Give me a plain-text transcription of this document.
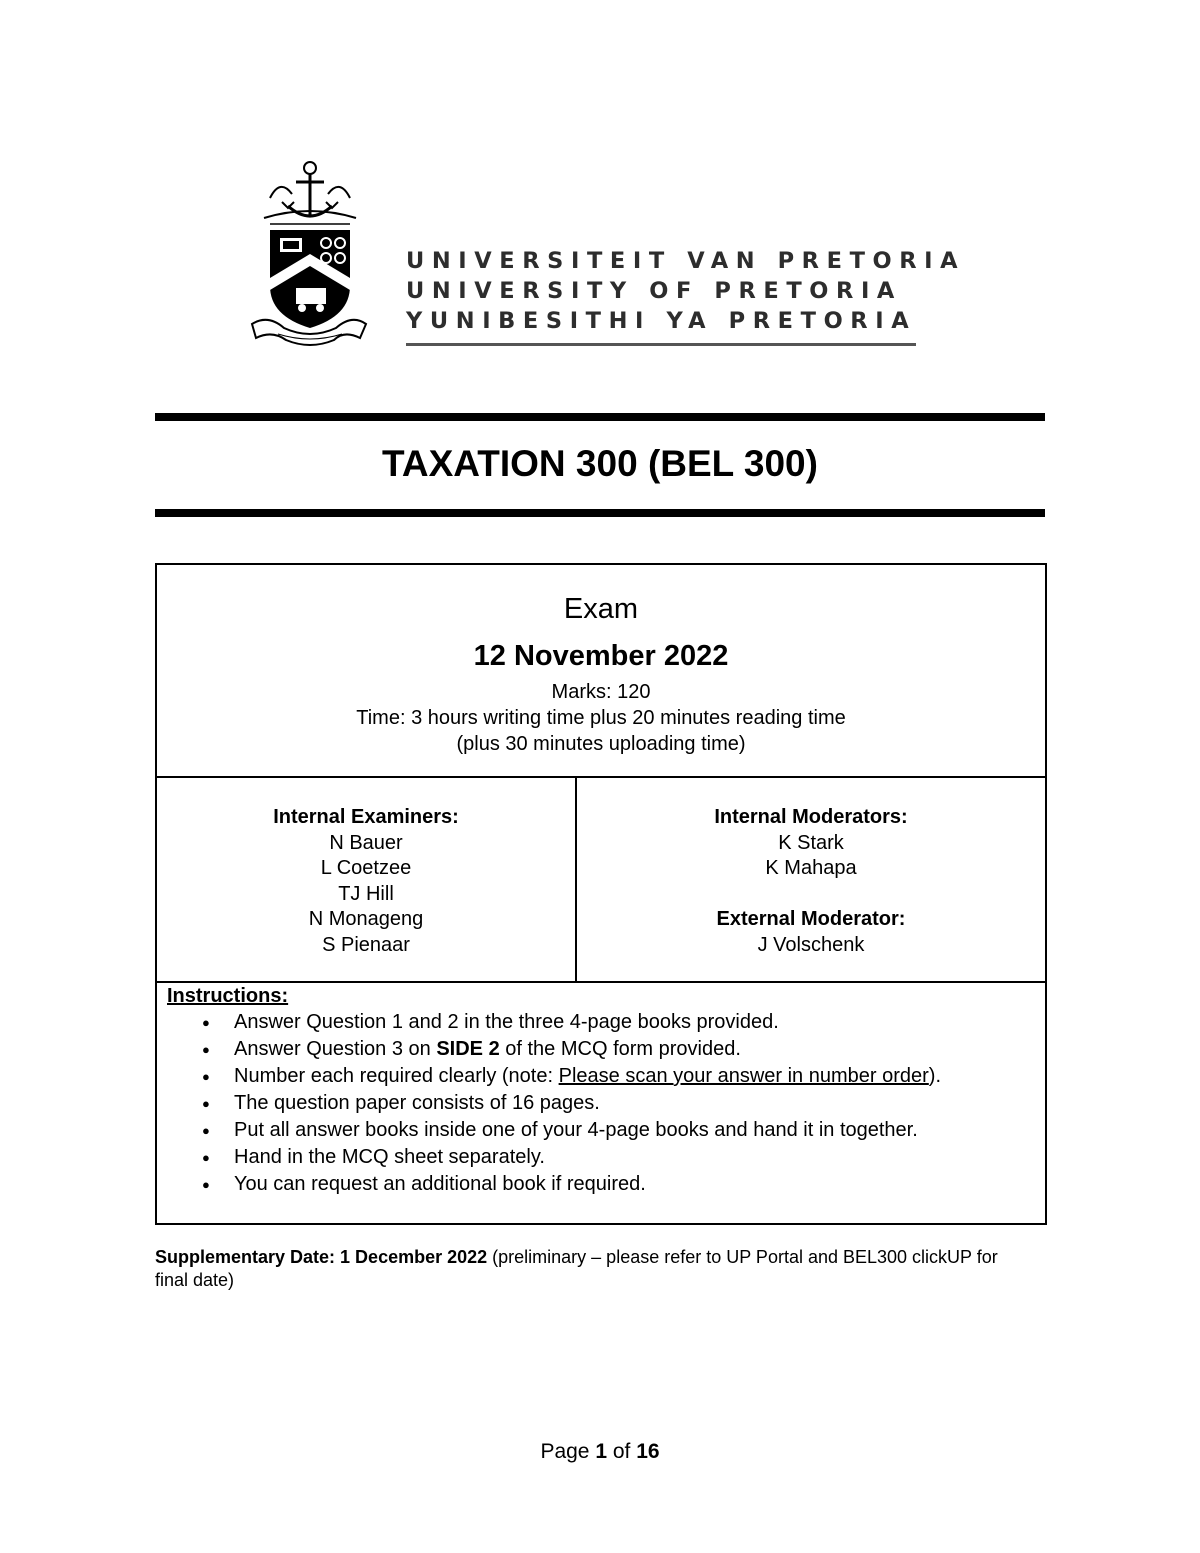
UNIVERSITEIT VAN PRETORIA
UNIVERSITY OF PRETORIA
YUNIBESITHI YA PRETORIA
TAXATION 300 (BEL 300)
Exam
12 November 2022
Marks: 120
Time: 3 hours writing time plus 20 minutes reading time
(plus 30 minutes uploading time)
Internal Examiners:
N Bauer
L Coetzee
TJ Hill
N Monageng
S Pienaar
Internal Moderators:
K Stark
K Mahapa
External Moderator:
J Volschenk
Instructions:
● Answer Question 1 and 2 in the three 4-page books provided.
● Answer Question 3 on SIDE 2 of the MCQ form provided.
● Number each required clearly (note: Please scan your answer in number order).
● The question paper consists of 16 pages.
● Put all answer books inside one of your 4-page books and hand it in together.
● Hand in the MCQ sheet separately.
● You can request an additional book if required.
Supplementary Date: 1 December 2022 (preliminary – please refer to UP Portal and BEL300 clickUP for final date)
Page 1 of 16
